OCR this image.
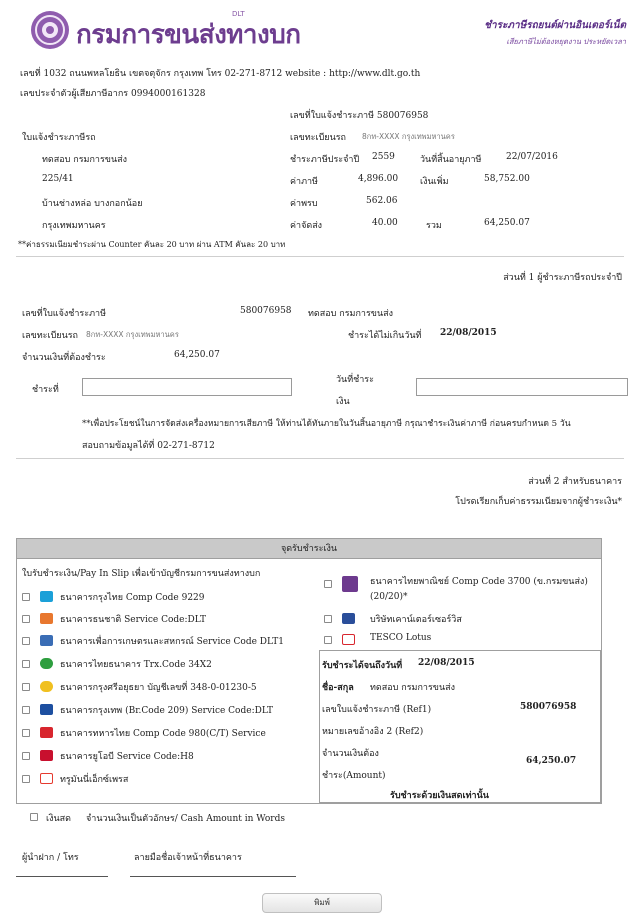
กรมการขนส่งทางบก
DLT
ชำระภาษีรถยนต์ผ่านอินเตอร์เน็ต
เสียภาษีไม่ต้องหยุดงาน ประหยัดเวลา
เลขที่ 1032 ถนนพหลโยธิน เขตจตุจักร กรุงเทพ โทร 02-271-8712 website : http://www.dlt.go.th
เลขประจำตัวผู้เสียภาษีอากร 0994000161328
เลขที่ใบแจ้งชำระภาษี 580076958
ใบแจ้งชำระภาษีรถ	เลขทะเบียนรถ 8กท-XXXX กรุงเทพมหานคร
ทดสอบ กรมการขนส่ง	ชำระภาษีประจำปี 2559	วันที่สิ้นอายุภาษี	22/07/2016
225/41	ค่าภาษี	4,896.00 เงินเพิ่ม	58,752.00
บ้านช่างหล่อ บางกอกน้อย	ค่าพรบ	562.06
กรุงเทพมหานคร	ค่าจัดส่ง	40.00	รวม	64,250.07
**ค่าธรรมเนียมชำระผ่าน Counter คันละ 20 บาท ผ่าน ATM คันละ 20 บาท
ส่วนที่ 1 ผู้ชำระภาษีรถประจำปี
เลขที่ใบแจ้งชำระภาษี	580076958 ทดสอบ กรมการขนส่ง
เลขทะเบียนรถ 8กท-XXXX กรุงเทพมหานคร	ชำระได้ไม่เกินวันที่ 22/08/2015
จำนวนเงินที่ต้องชำระ	64,250.07
ชำระที่
วันที่ชำระ
เงิน
**เพื่อประโยชน์ในการจัดส่งเครื่องหมายการเสียภาษี ให้ท่านได้ทันภายในวันสิ้นอายุภาษี กรุณาชำระเงินค่าภาษี ก่อนครบกำหนด 5 วัน
สอบถามข้อมูลได้ที่ 02-271-8712
ส่วนที่ 2 สำหรับธนาคาร
โปรดเรียกเก็บค่าธรรมเนียมจากผู้ชำระเงิน*
จุดรับชำระเงิน
ใบรับชำระเงิน/Pay In Slip เพื่อเข้าบัญชีกรมการขนส่งทางบก
ธนาคารกรุงไทย Comp Code 9229
ธนาคารธนชาติ Service Code:DLT
ธนาคารเพื่อการเกษตรและสหกรณ์ Service Code DLT1
ธนาคารไทยธนาคาร Trx.Code 34X2
ธนาคารกรุงศรีอยุธยา บัญชีเลขที่ 348-0-01230-5
ธนาคารกรุงเทพ (Br.Code 209) Service Code:DLT
ธนาคารทหารไทย Comp Code 980(C/T) Service
ธนาคารยูโอบี Service Code:H8
ทรูมันนี่เอ็กซ์เพรส
ธนาคารไทยพาณิชย์ Comp Code 3700 (ข.กรมขนส่ง)
(20/20)*
บริษัทเคาน์เตอร์เซอร์วิส
TESCO Lotus
รับชำระได้จนถึงวันที่ 22/08/2015
ชื่อ-สกุล ทดสอบ กรมการขนส่ง
เลขใบแจ้งชำระภาษี (Ref1)	580076958
หมายเลขอ้างอิง 2 (Ref2)
จำนวนเงินต้อง
64,250.07
ชำระ(Amount)
รับชำระด้วยเงินสดเท่านั้น
เงินสด จำนวนเงินเป็นตัวอักษร/ Cash Amount in Words
ผู้นำฝาก / โทร	ลายมือชื่อเจ้าหน้าที่ธนาคาร
พิมพ์
